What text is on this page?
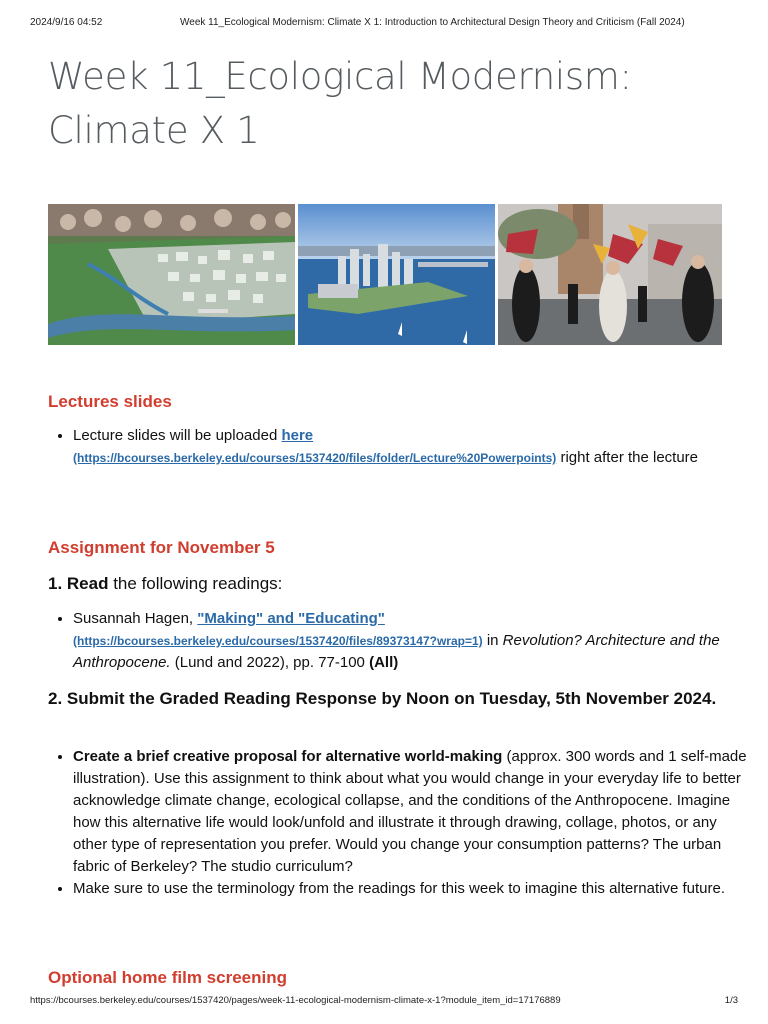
2024/9/16 04:52	Week 11_Ecological Modernism: Climate X 1: Introduction to Architectural Design Theory and Criticism (Fall 2024)
Week 11_Ecological Modernism:
Climate X 1
Lectures slides
• Lecture slides will be uploaded here
(https://bcourses.berkeley.edu/courses/1537420/files/folder/Lecture%20Powerpoints) right after the lecture
Assignment for November 5
1. Read the following readings:
• Susannah Hagen, "Making" and "Educating"
(https://bcourses.berkeley.edu/courses/1537420/files/89373147?wrap=1) in Revolution? Architecture and the Anthropocene. (Lund and 2022), pp. 77-100 (All)
2. Submit the Graded Reading Response by Noon on Tuesday, 5th November 2024.
• Create a brief creative proposal for alternative world-making (approx. 300 words and 1 self-made illustration). Use this assignment to think about what you would change in your everyday life to better acknowledge climate change, ecological collapse, and the conditions of the Anthropocene. Imagine how this alternative life would look/unfold and illustrate it through drawing, collage, photos, or any other type of representation you prefer. Would you change your consumption patterns? The urban fabric of Berkeley? The studio curriculum?
• Make sure to use the terminology from the readings for this week to imagine this alternative future.
Optional home film screening
https://bcourses.berkeley.edu/courses/1537420/pages/week-11-ecological-modernism-climate-x-1?module_item_id=17176889	1/3
